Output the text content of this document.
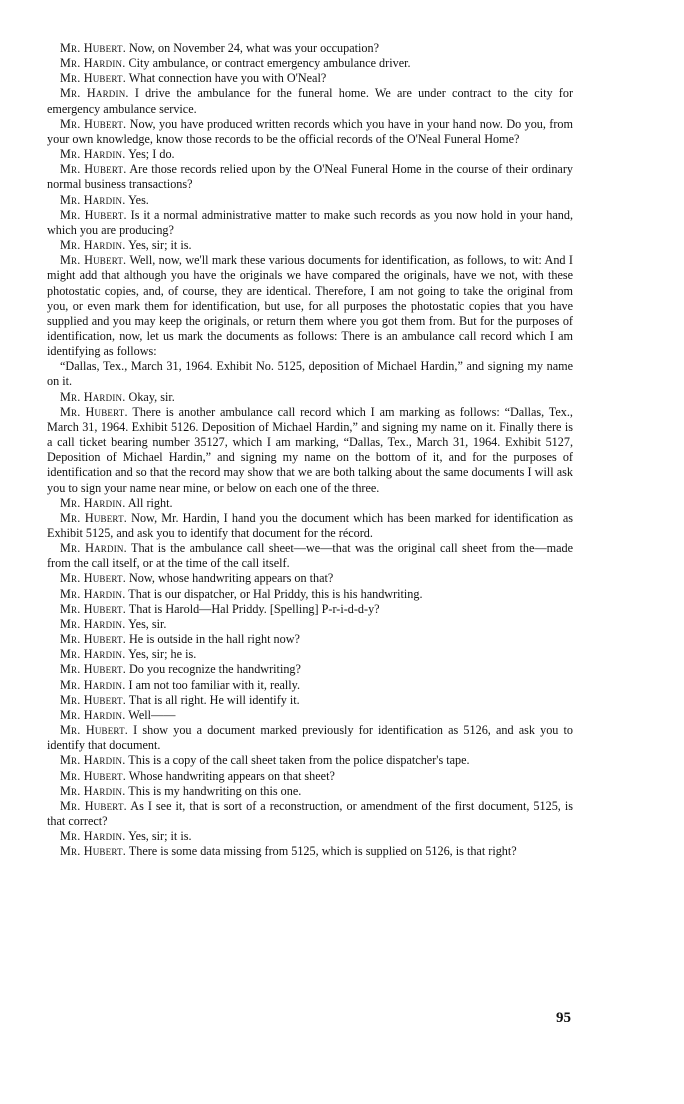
Mr. Hubert. Now, on November 24, what was your occupation?

Mr. Hardin. City ambulance, or contract emergency ambulance driver.

Mr. Hubert. What connection have you with O'Neal?

Mr. Hardin. I drive the ambulance for the funeral home. We are under contract to the city for emergency ambulance service.

Mr. Hubert. Now, you have produced written records which you have in your hand now. Do you, from your own knowledge, know those records to be the official records of the O'Neal Funeral Home?

Mr. Hardin. Yes; I do.

Mr. Hubert. Are those records relied upon by the O'Neal Funeral Home in the course of their ordinary normal business transactions?

Mr. Hardin. Yes.

Mr. Hubert. Is it a normal administrative matter to make such records as you now hold in your hand, which you are producing?

Mr. Hardin. Yes, sir; it is.

Mr. Hubert. Well, now, we'll mark these various documents for identification, as follows, to wit: And I might add that although you have the originals we have compared the originals, have we not, with these photostatic copies, and, of course, they are identical. Therefore, I am not going to take the original from you, or even mark them for identification, but use, for all purposes the photostatic copies that you have supplied and you may keep the originals, or return them where you got them from. But for the purposes of identification, now, let us mark the documents as follows: There is an ambulance call record which I am identifying as follows:

“Dallas, Tex., March 31, 1964. Exhibit No. 5125, deposition of Michael Hardin,” and signing my name on it.

Mr. Hardin. Okay, sir.

Mr. Hubert. There is another ambulance call record which I am marking as follows: “Dallas, Tex., March 31, 1964. Exhibit 5126. Deposition of Michael Hardin,” and signing my name on it. Finally there is a call ticket bearing number 35127, which I am marking, “Dallas, Tex., March 31, 1964. Exhibit 5127, Deposition of Michael Hardin,” and signing my name on the bottom of it, and for the purposes of identification and so that the record may show that we are both talking about the same documents I will ask you to sign your name near mine, or below on each one of the three.

Mr. Hardin. All right.

Mr. Hubert. Now, Mr. Hardin, I hand you the document which has been marked for identification as Exhibit 5125, and ask you to identify that document for the récord.

Mr. Hardin. That is the ambulance call sheet—we—that was the original call sheet from the—made from the call itself, or at the time of the call itself.

Mr. Hubert. Now, whose handwriting appears on that?

Mr. Hardin. That is our dispatcher, or Hal Priddy, this is his handwriting.

Mr. Hubert. That is Harold—Hal Priddy. [Spelling] P-r-i-d-d-y?

Mr. Hardin. Yes, sir.

Mr. Hubert. He is outside in the hall right now?

Mr. Hardin. Yes, sir; he is.

Mr. Hubert. Do you recognize the handwriting?

Mr. Hardin. I am not too familiar with it, really.

Mr. Hubert. That is all right. He will identify it.

Mr. Hardin. Well——

Mr. Hubert. I show you a document marked previously for identification as 5126, and ask you to identify that document.

Mr. Hardin. This is a copy of the call sheet taken from the police dispatcher's tape.

Mr. Hubert. Whose handwriting appears on that sheet?

Mr. Hardin. This is my handwriting on this one.

Mr. Hubert. As I see it, that is sort of a reconstruction, or amendment of the first document, 5125, is that correct?

Mr. Hardin. Yes, sir; it is.

Mr. Hubert. There is some data missing from 5125, which is supplied on 5126, is that right?

95
